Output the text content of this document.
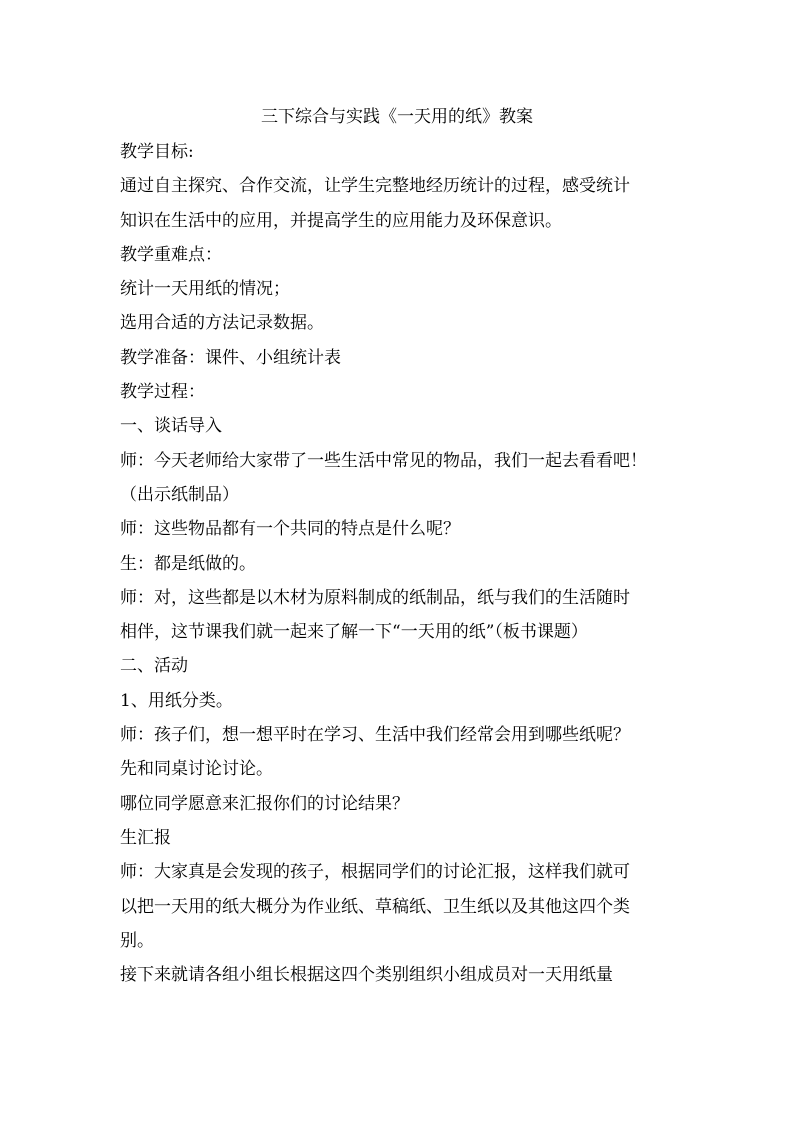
三下综合与实践《一天用的纸》教案

教学目标:

通过自主探究、合作交流，让学生完整地经历统计的过程，感受统计

知识在生活中的应用，并提高学生的应用能力及环保意识。

教学重难点：

统计一天用纸的情况；

选用合适的方法记录数据。

教学准备：课件、小组统计表

教学过程：

一、谈话导入

师：今天老师给大家带了一些生活中常见的物品，我们一起去看看吧！

（出示纸制品）

师：这些物品都有一个共同的特点是什么呢？

生：都是纸做的。

师：对，这些都是以木材为原料制成的纸制品，纸与我们的生活随时

相伴，这节课我们就一起来了解一下“一天用的纸”（板书课题）

二、活动

1、用纸分类。

师：孩子们，想一想平时在学习、生活中我们经常会用到哪些纸呢？

先和同桌讨论讨论。

哪位同学愿意来汇报你们的讨论结果？

生汇报

师：大家真是会发现的孩子，根据同学们的讨论汇报，这样我们就可

以把一天用的纸大概分为作业纸、草稿纸、卫生纸以及其他这四个类

别。

接下来就请各组小组长根据这四个类别组织小组成员对一天用纸量
